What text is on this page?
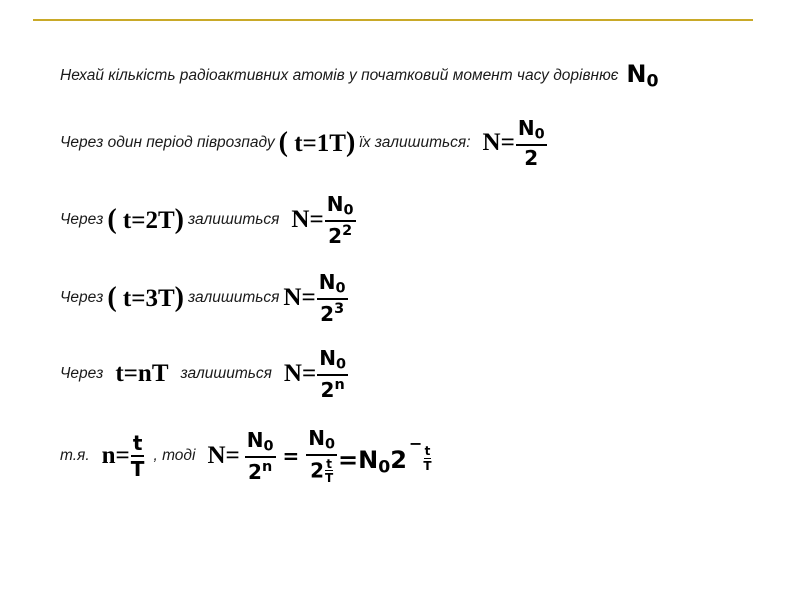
Нехай кількість радіоактивних атомів у початковий момент часу дорівнює $N_0$
Через один період піврозпаду ( t=1T) їх залишиться: $N= \frac{N_0}{2}$
Через ( t=2T) залишиться $N= \frac{N_0}{2^2}$
Через ( t=3T) залишиться $N= \frac{N_0}{2^3}$
Через t=nT залишиться $N= \frac{N_0}{2^n}$
т.я. $n= \frac{t}{T}$ , тоді $N= \frac{N_0}{2^n} = \frac{N_0}{2 \frac{t}{T}} =N_02^-$
$\frac{t}{T}$
